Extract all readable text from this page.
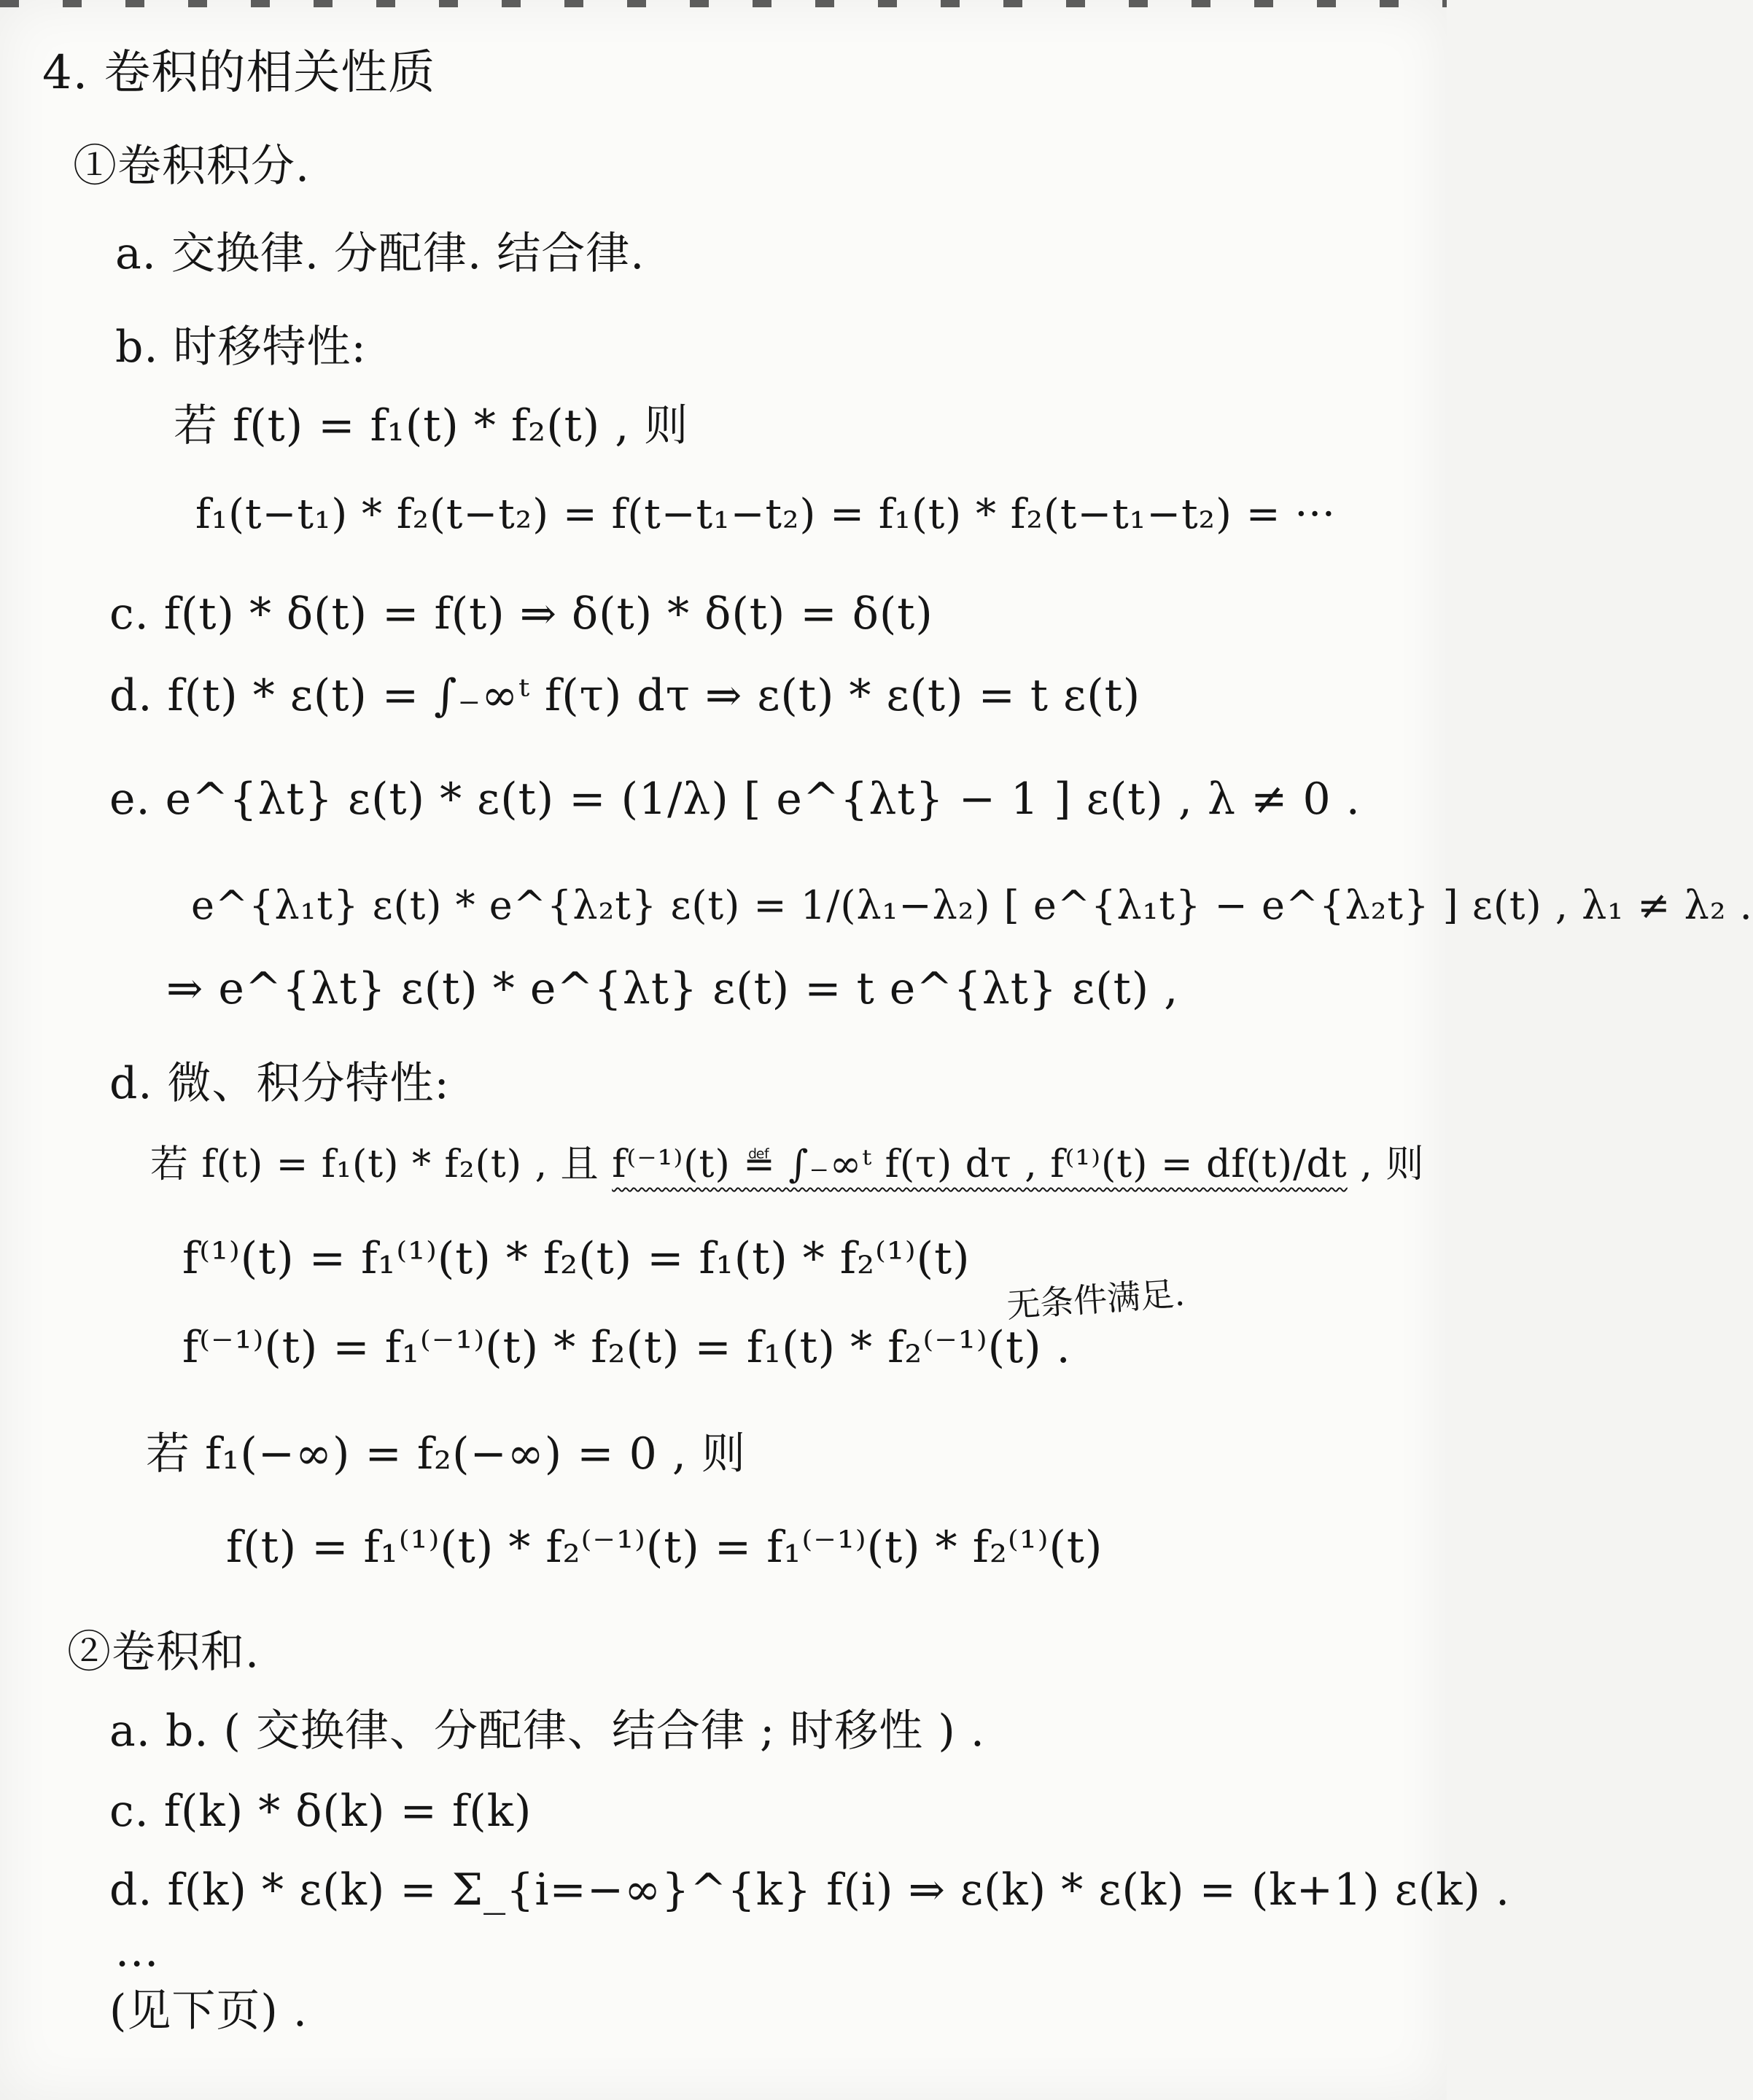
4. 卷积的相关性质
①卷积积分.
a. 交换律. 分配律. 结合律.
b. 时移特性:
若 f(t) = f₁(t) * f₂(t) , 则
f₁(t−t₁) * f₂(t−t₂) = f(t−t₁−t₂) = f₁(t) * f₂(t−t₁−t₂) = ···
c. f(t) * δ(t) = f(t) ⇒ δ(t) * δ(t) = δ(t)
d. f(t) * ε(t) = ∫₋∞ᵗ f(τ) dτ ⇒ ε(t) * ε(t) = t ε(t)
e. e^{λt} ε(t) * ε(t) = (1/λ) [ e^{λt} − 1 ] ε(t) , λ ≠ 0 .
e^{λ₁t} ε(t) * e^{λ₂t} ε(t) = 1/(λ₁−λ₂) [ e^{λ₁t} − e^{λ₂t} ] ε(t) , λ₁ ≠ λ₂ .
⇒ e^{λt} ε(t) * e^{λt} ε(t) = t e^{λt} ε(t) ,
d. 微、积分特性:
若 f(t) = f₁(t) * f₂(t) , 且 f⁽⁻¹⁾(t) ≝ ∫₋∞ᵗ f(τ) dτ , f⁽¹⁾(t) = df(t)/dt , 则
f⁽¹⁾(t) = f₁⁽¹⁾(t) * f₂(t) = f₁(t) * f₂⁽¹⁾(t)
f⁽⁻¹⁾(t) = f₁⁽⁻¹⁾(t) * f₂(t) = f₁(t) * f₂⁽⁻¹⁾(t) .
无条件满足.
若 f₁(−∞) = f₂(−∞) = 0 , 则
f(t) = f₁⁽¹⁾(t) * f₂⁽⁻¹⁾(t) = f₁⁽⁻¹⁾(t) * f₂⁽¹⁾(t)
②卷积和.
a. b. ( 交换律、分配律、结合律 ; 时移性 ) .
c. f(k) * δ(k) = f(k)
d. f(k) * ε(k) = Σ_{i=−∞}^{k} f(i) ⇒ ε(k) * ε(k) = (k+1) ε(k) .
...
(见下页) .
